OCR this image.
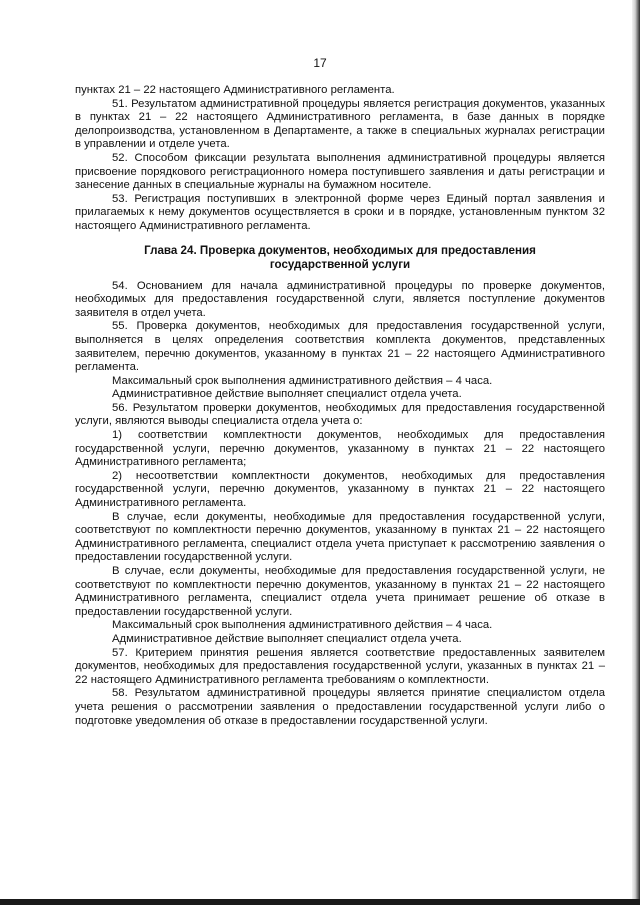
17

пунктах 21 – 22 настоящего Административного регламента.

51. Результатом административной процедуры является регистрация документов, указанных в пунктах 21 – 22 настоящего Административного регламента, в базе данных в порядке делопроизводства, установленном в Департаменте, а также в специальных журналах регистрации в управлении и отделе учета.

52. Способом фиксации результата выполнения административной процедуры является присвоение порядкового регистрационного номера поступившего заявления и даты регистрации и занесение данных в специальные журналы на бумажном носителе.

53. Регистрация поступивших в электронной форме через Единый портал заявления и прилагаемых к нему документов осуществляется в сроки и в порядке, установленным пунктом 32 настоящего Административного регламента.

Глава 24. Проверка документов, необходимых для предоставления
государственной услуги

54. Основанием для начала административной процедуры по проверке документов, необходимых для предоставления государственной слуги, является поступление документов заявителя в отдел учета.

55. Проверка документов, необходимых для предоставления государственной услуги, выполняется в целях определения соответствия комплекта документов, представленных заявителем, перечню документов, указанному в пунктах 21 – 22 настоящего Административного регламента.

Максимальный срок выполнения административного действия – 4 часа.

Административное действие выполняет специалист отдела учета.

56. Результатом проверки документов, необходимых для предоставления государственной услуги, являются выводы специалиста отдела учета о:

1) соответствии комплектности документов, необходимых для предоставления государственной услуги, перечню документов, указанному в пунктах 21 – 22 настоящего Административного регламента;

2) несоответствии комплектности документов, необходимых для предоставления государственной услуги, перечню документов, указанному в пунктах 21 – 22 настоящего Административного регламента.

В случае, если документы, необходимые для предоставления государственной услуги, соответствуют по комплектности перечню документов, указанному в пунктах 21 – 22 настоящего Административного регламента, специалист отдела учета приступает к рассмотрению заявления о предоставлении государственной услуги.

В случае, если документы, необходимые для предоставления государственной услуги, не соответствуют по комплектности перечню документов, указанному в пунктах 21 – 22 настоящего Административного регламента, специалист отдела учета принимает решение об отказе в предоставлении государственной услуги.

Максимальный срок выполнения административного действия – 4 часа.

Административное действие выполняет специалист отдела учета.

57. Критерием принятия решения является соответствие предоставленных заявителем документов, необходимых для предоставления государственной услуги, указанных в пунктах 21 – 22 настоящего Административного регламента требованиям о комплектности.

58. Результатом административной процедуры является принятие специалистом отдела учета решения о рассмотрении заявления о предоставлении государственной услуги либо о подготовке уведомления об отказе в предоставлении государственной услуги.
